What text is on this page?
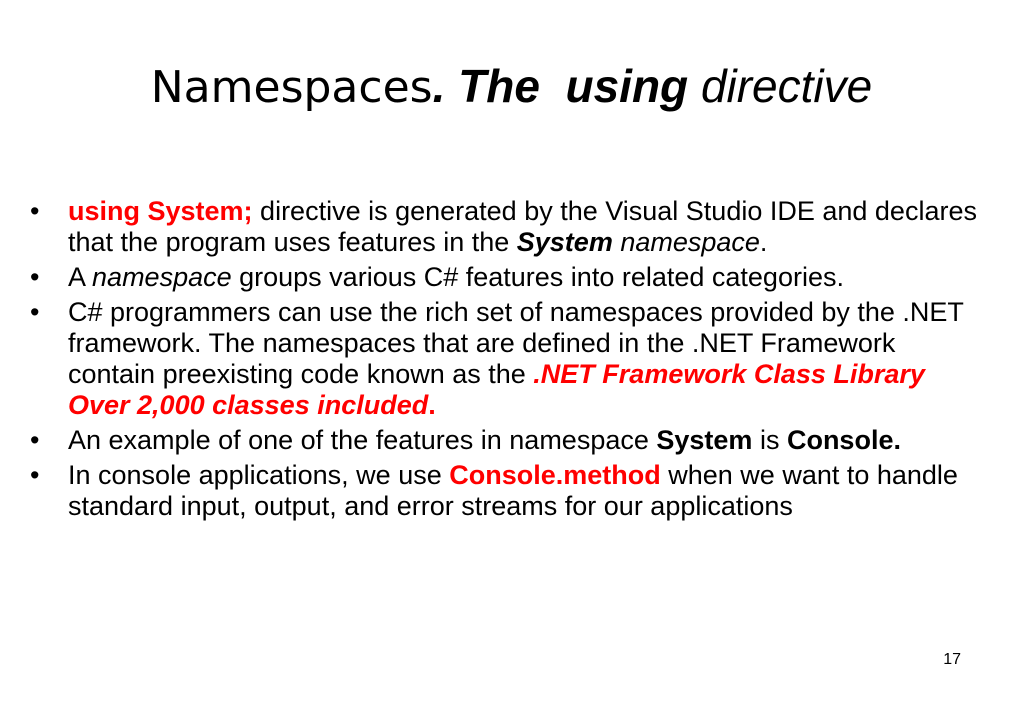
Namespaces. The using directive
• using System; directive is generated by the Visual Studio IDE and declares that the program uses features in the System namespace.
• A namespace groups various C# features into related categories.
• C# programmers can use the rich set of namespaces provided by the .NET framework. The namespaces that are defined in the .NET Framework contain preexisting code known as the .NET Framework Class Library Over 2,000 classes included.
• An example of one of the features in namespace System is Console.
• In console applications, we use Console.method when we want to handle standard input, output, and error streams for our applications
17
